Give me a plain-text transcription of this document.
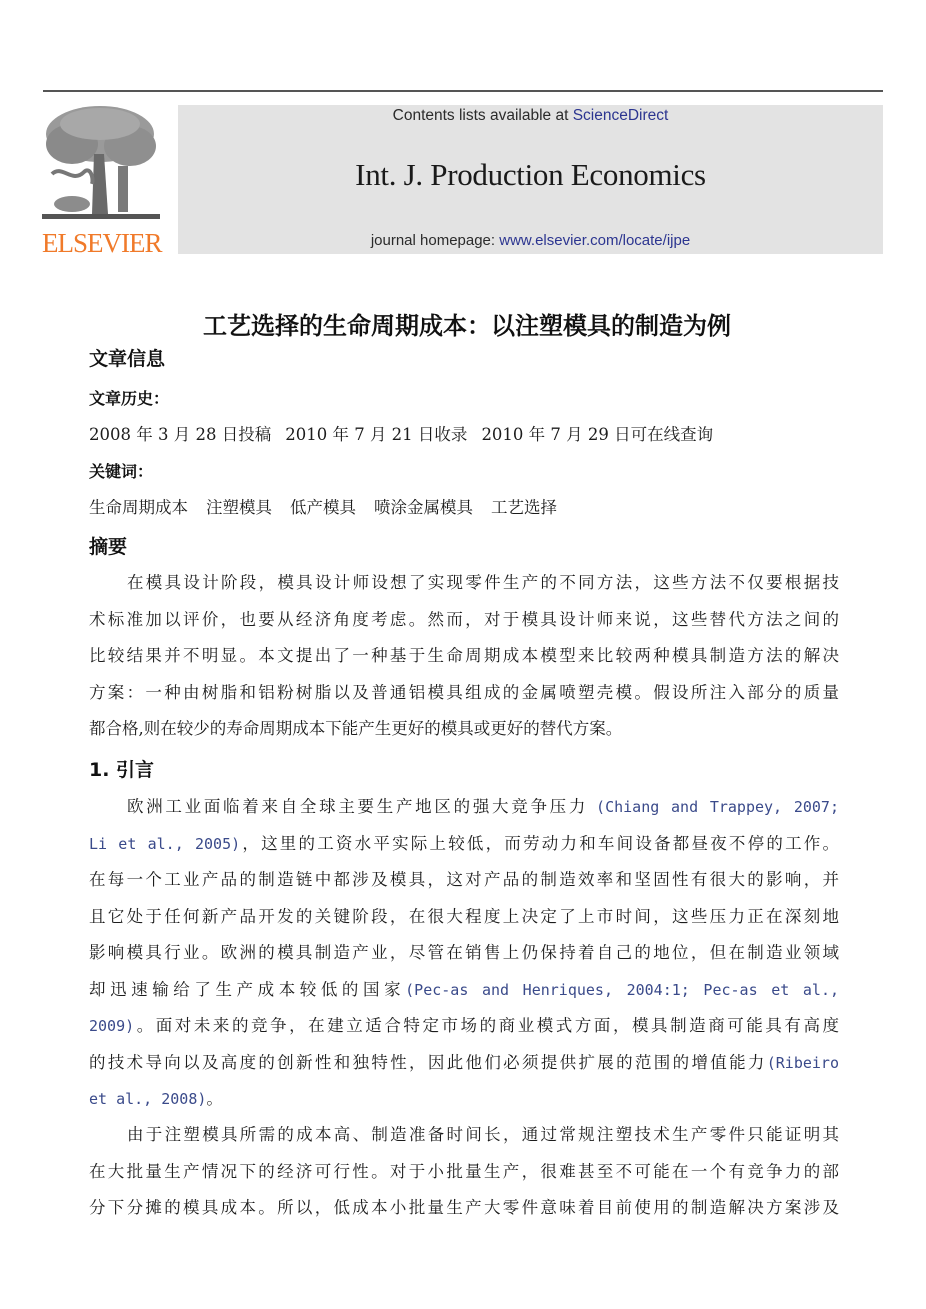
ELSEVIER
Contents lists available at ScienceDirect
Int. J. Production Economics
journal homepage: www.elsevier.com/locate/ijpe
工艺选择的生命周期成本：以注塑模具的制造为例
文章信息
文章历史：
2008 年 3 月 28 日投稿 2010 年 7 月 21 日收录 2010 年 7 月 29 日可在线查询
关键词：
生命周期成本 注塑模具 低产模具 喷涂金属模具 工艺选择
摘要
在模具设计阶段，模具设计师设想了实现零件生产的不同方法，这些方法不仅要根据技
术标准加以评价，也要从经济角度考虑。然而，对于模具设计师来说，这些替代方法之间的
比较结果并不明显。本文提出了一种基于生命周期成本模型来比较两种模具制造方法的解决
方案：一种由树脂和铝粉树脂以及普通铝模具组成的金属喷塑壳模。假设所注入部分的质量
都合格,则在较少的寿命周期成本下能产生更好的模具或更好的替代方案。
1. 引言
欧洲工业面临着来自全球主要生产地区的强大竞争压力 (Chiang and Trappey, 2007;
Li et al., 2005)，这里的工资水平实际上较低，而劳动力和车间设备都昼夜不停的工作。
在每一个工业产品的制造链中都涉及模具，这对产品的制造效率和坚固性有很大的影响，并
且它处于任何新产品开发的关键阶段，在很大程度上决定了上市时间，这些压力正在深刻地
影响模具行业。欧洲的模具制造产业，尽管在销售上仍保持着自己的地位，但在制造业领域
却迅速输给了生产成本较低的国家(Pec-as and Henriques, 2004:1; Pec-as et al.,
2009)。面对未来的竞争，在建立适合特定市场的商业模式方面，模具制造商可能具有高度
的技术导向以及高度的创新性和独特性，因此他们必须提供扩展的范围的增值能力(Ribeiro
et al., 2008)。
由于注塑模具所需的成本高、制造准备时间长，通过常规注塑技术生产零件只能证明其
在大批量生产情况下的经济可行性。对于小批量生产，很难甚至不可能在一个有竞争力的部
分下分摊的模具成本。所以，低成本小批量生产大零件意味着目前使用的制造解决方案涉及
